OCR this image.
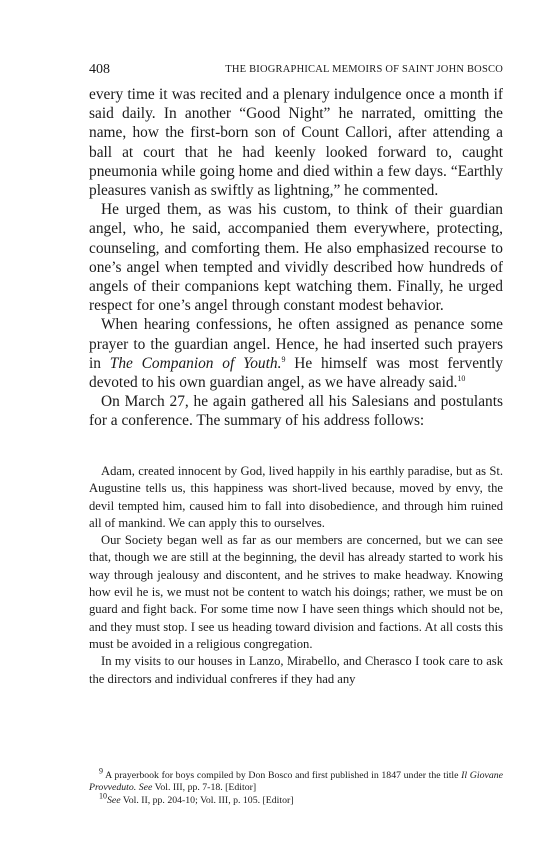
408	THE BIOGRAPHICAL MEMOIRS OF SAINT JOHN BOSCO

every time it was recited and a plenary indulgence once a month if said daily. In another “Good Night” he narrated, omitting the name, how the first-born son of Count Callori, after attending a ball at court that he had keenly looked forward to, caught pneumonia while going home and died within a few days. “Earthly pleasures vanish as swiftly as lightning,” he commented.

He urged them, as was his custom, to think of their guardian angel, who, he said, accompanied them everywhere, protecting, counseling, and comforting them. He also emphasized recourse to one’s angel when tempted and vividly described how hundreds of angels of their companions kept watching them. Finally, he urged respect for one’s angel through constant modest behavior.

When hearing confessions, he often assigned as penance some prayer to the guardian angel. Hence, he had inserted such prayers in The Companion of Youth.$^9$ He himself was most fervently devoted to his own guardian angel, as we have already said.$^{10}$

On March 27, he again gathered all his Salesians and postulants for a conference. The summary of his address follows:

Adam, created innocent by God, lived happily in his earthly paradise, but as St. Augustine tells us, this happiness was short-lived because, moved by envy, the devil tempted him, caused him to fall into disobedience, and through him ruined all of mankind. We can apply this to ourselves.

Our Society began well as far as our members are concerned, but we can see that, though we are still at the beginning, the devil has already started to work his way through jealousy and discontent, and he strives to make headway. Knowing how evil he is, we must not be content to watch his doings; rather, we must be on guard and fight back. For some time now I have seen things which should not be, and they must stop. I see us heading toward division and factions. At all costs this must be avoided in a religious congregation.

In my visits to our houses in Lanzo, Mirabello, and Cherasco I took care to ask the directors and individual confreres if they had any

$^9$ A prayerbook for boys compiled by Don Bosco and first published in 1847 under the title Il Giovane Provveduto. See Vol. III, pp. 7-18. [Editor]

$^{10}$See Vol. II, pp. 204-10; Vol. III, p. 105. [Editor]
